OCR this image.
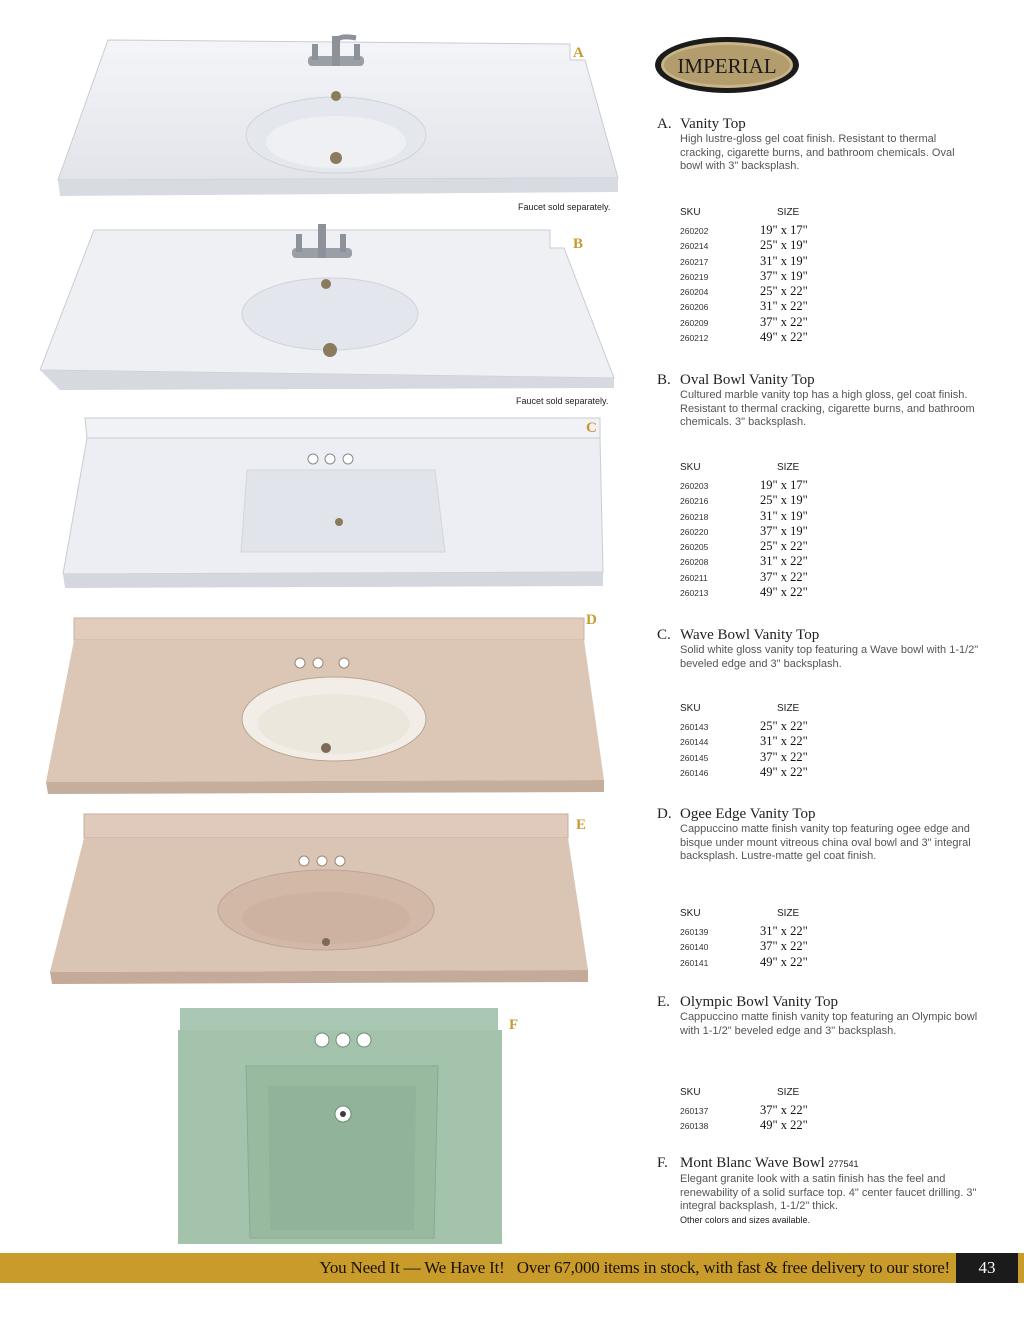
A
Faucet sold separately.
B
Faucet sold separately.
C
D
E
F
IMPERIAL

A. Vanity Top

High lustre-gloss gel coat finish. Resistant to thermal cracking, cigarette burns, and bathroom chemicals. Oval bowl with 3" backsplash.

SKU	SIZE
260202	19" x 17"
260214	25" x 19"
260217	31" x 19"
260219	37" x 19"
260204	25" x 22"
260206	31" x 22"
260209	37" x 22"
260212	49" x 22"

B. Oval Bowl Vanity Top

Cultured marble vanity top has a high gloss, gel coat finish. Resistant to thermal cracking, cigarette burns, and bathroom chemicals. 3" backsplash.

SKU	SIZE
260203	19" x 17"
260216	25" x 19"
260218	31" x 19"
260220	37" x 19"
260205	25" x 22"
260208	31" x 22"
260211	37" x 22"
260213	49" x 22"

C. Wave Bowl Vanity Top

Solid white gloss vanity top featuring a Wave bowl with 1-1/2" beveled edge and 3" backsplash.

SKU	SIZE
260143	25" x 22"
260144	31" x 22"
260145	37" x 22"
260146	49" x 22"

D. Ogee Edge Vanity Top

Cappuccino matte finish vanity top featuring ogee edge and bisque under mount vitreous china oval bowl and 3" integral backsplash. Lustre-matte gel coat finish.

SKU	SIZE
260139	31" x 22"
260140	37" x 22"
260141	49" x 22"

E. Olympic Bowl Vanity Top

Cappuccino matte finish vanity top featuring an Olympic bowl with 1-1/2" beveled edge and 3" backsplash.

SKU	SIZE
260137	37" x 22"
260138	49" x 22"

F. Mont Blanc Wave Bowl 277541

Elegant granite look with a satin finish has the feel and renewability of a solid surface top. 4" center faucet drilling. 3" integral backsplash, 1-1/2" thick.

Other colors and sizes available.

You Need It — We Have It!   Over 67,000 items in stock, with fast & free delivery to our store!	43
